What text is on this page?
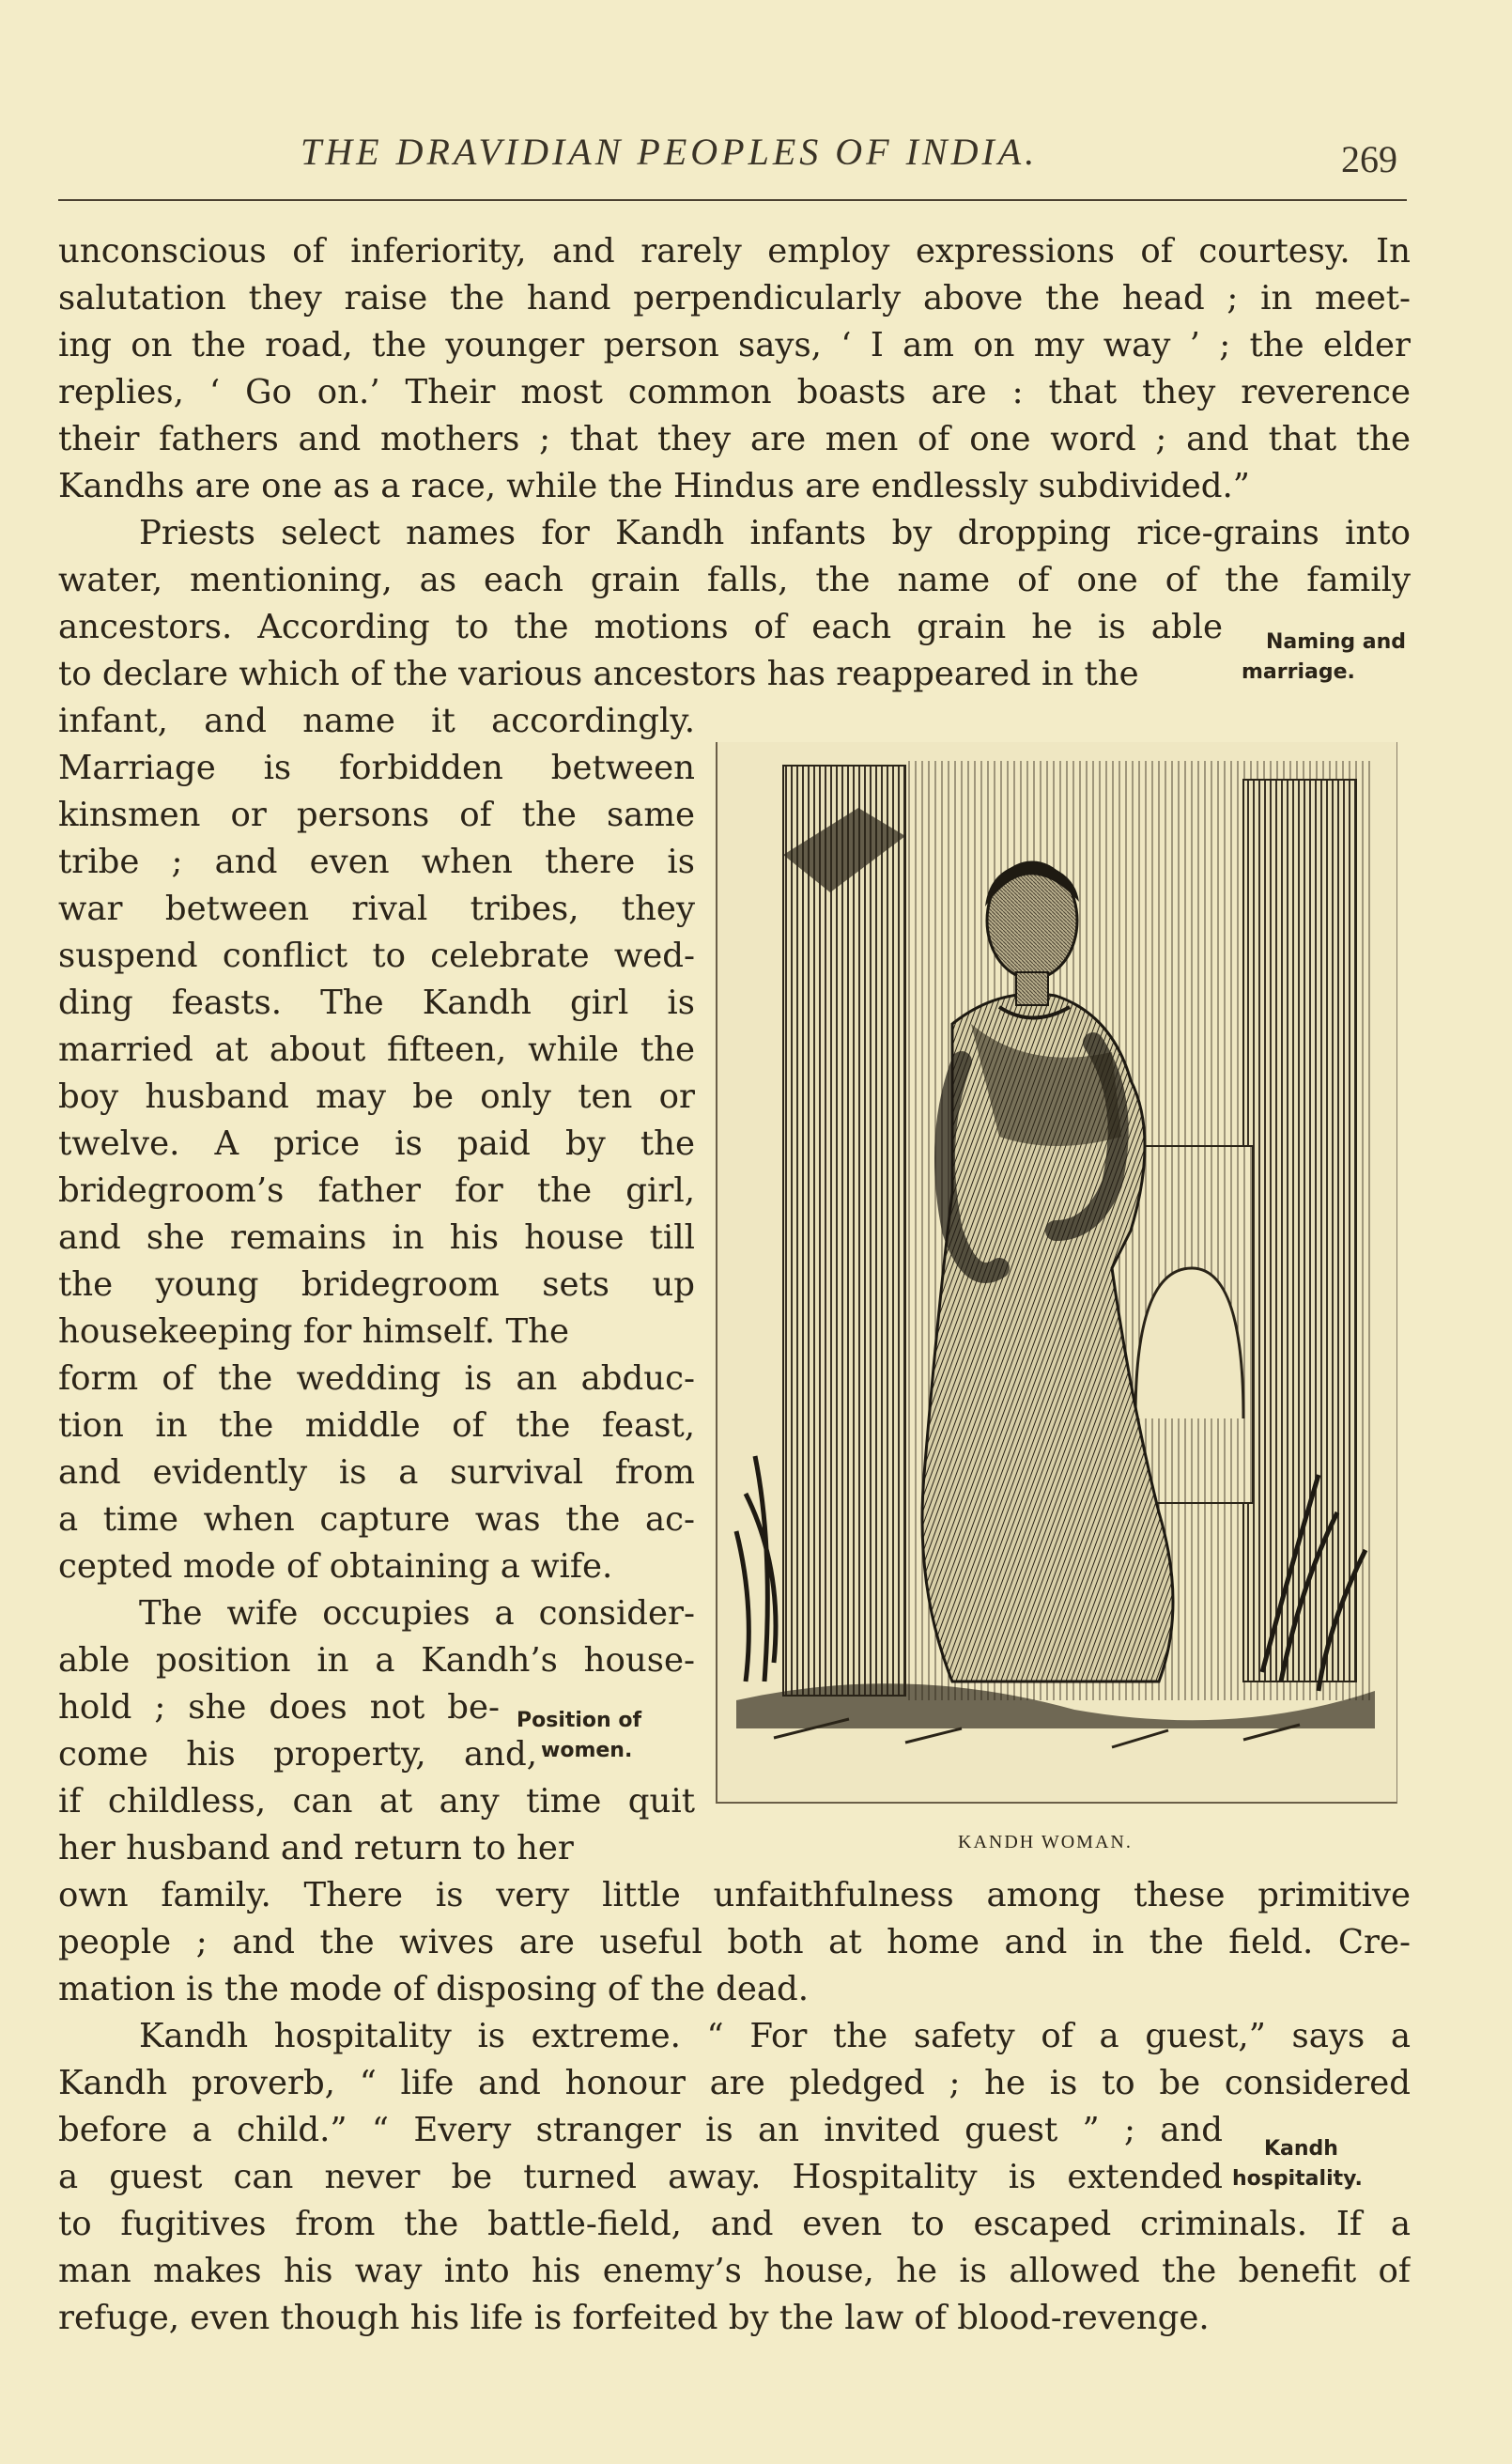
THE DRAVIDIAN PEOPLES OF INDIA.	269
unconscious of inferiority, and rarely employ expressions of courtesy. In
salutation they raise the hand perpendicularly above the head ; in meet-
ing on the road, the younger person says, ‘ I am on my way ’ ; the elder
replies, ‘ Go on.’ Their most common boasts are : that they reverence
their fathers and mothers ; that they are men of one word ; and that the
Kandhs are one as a race, while the Hindus are endlessly subdivided.”
Priests select names for Kandh infants by dropping rice-grains into
water, mentioning, as each grain falls, the name of one of the family
ancestors. According to the motions of each grain he is able
to declare which of the various ancestors has reappeared in the
Naming and
marriage.
infant, and name it accordingly.
Marriage is forbidden between
kinsmen or persons of the same
tribe ; and even when there is
war between rival tribes, they
suspend conflict to celebrate wed-
ding feasts. The Kandh girl is
married at about fifteen, while the
boy husband may be only ten or
twelve. A price is paid by the
bridegroom’s father for the girl,
and she remains in his house till
the young bridegroom sets up
housekeeping for himself. The
form of the wedding is an abduc-
tion in the middle of the feast,
and evidently is a survival from
a time when capture was the ac-
cepted mode of obtaining a wife.
The wife occupies a consider-
able position in a Kandh’s house-
hold ; she does not be-
come his property, and,
if childless, can at any time quit
her husband and return to her
Position of
women.
own family. There is very little unfaithfulness among these primitive
people ; and the wives are useful both at home and in the field. Cre-
mation is the mode of disposing of the dead.
Kandh hospitality is extreme. “ For the safety of a guest,” says a
Kandh proverb, “ life and honour are pledged ; he is to be considered
before a child.” “ Every stranger is an invited guest ” ; and
a guest can never be turned away. Hospitality is extended
to fugitives from the battle-field, and even to escaped criminals. If a
man makes his way into his enemy’s house, he is allowed the benefit of
refuge, even though his life is forfeited by the law of blood-revenge.
Kandh
hospitality.
KANDH WOMAN.
